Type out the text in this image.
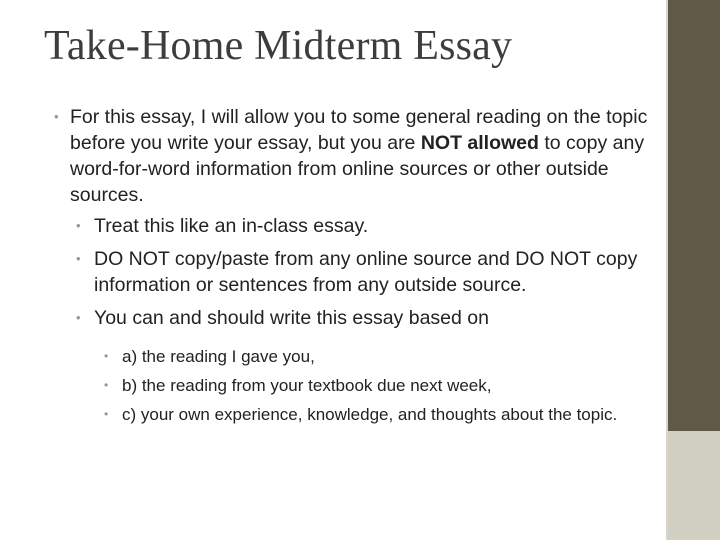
Take-Home Midterm Essay
• For this essay, I will allow you to some general reading on the topic before you write your essay, but you are NOT allowed to copy any word-for-word information from online sources or other outside sources.
• Treat this like an in-class essay.
• DO NOT copy/paste from any online source and DO NOT copy information or sentences from any outside source.
• You can and should write this essay based on
• a) the reading I gave you,
• b) the reading from your textbook due next week,
• c) your own experience, knowledge, and thoughts about the topic.
